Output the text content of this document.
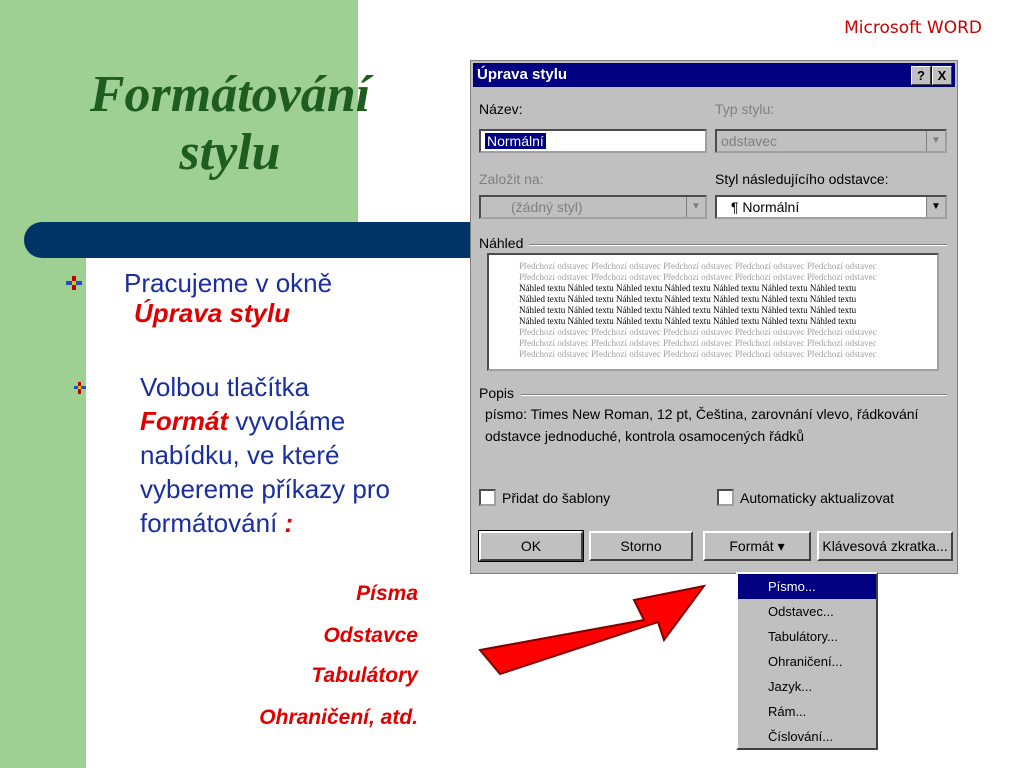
Microsoft WORD
Formátování
stylu
Pracujeme v okně
Úprava stylu
Volbou tlačítka
Formát vyvoláme nabídku, ve které vybereme příkazy pro formátování :
Písma
Odstavce
Tabulátory
Ohraničení, atd.
Úprava stylu	? X
Název:
Normální
Typ stylu:
odstavec	▼
Založit na:
(žádný styl)	▼
Styl následujícího odstavce:
¶ Normální	▼
Náhled
Předchozí odstavec Předchozí odstavec Předchozí odstavec Předchozí odstavec Předchozí odstavec
Předchozí odstavec Předchozí odstavec Předchozí odstavec Předchozí odstavec Předchozí odstavec
Náhled textu Náhled textu Náhled textu Náhled textu Náhled textu Náhled textu Náhled textu
Náhled textu Náhled textu Náhled textu Náhled textu Náhled textu Náhled textu Náhled textu
Náhled textu Náhled textu Náhled textu Náhled textu Náhled textu Náhled textu Náhled textu
Náhled textu Náhled textu Náhled textu Náhled textu Náhled textu Náhled textu Náhled textu
Předchozí odstavec Předchozí odstavec Předchozí odstavec Předchozí odstavec Předchozí odstavec
Předchozí odstavec Předchozí odstavec Předchozí odstavec Předchozí odstavec Předchozí odstavec
Předchozí odstavec Předchozí odstavec Předchozí odstavec Předchozí odstavec Předchozí odstavec
Popis
písmo: Times New Roman, 12 pt, Čeština, zarovnání vlevo, řádkování odstavce jednoduché, kontrola osamocených řádků
Přidat do šablony	Automaticky aktualizovat
OK	Storno	Formát ▾	Klávesová zkratka...
Písmo...
Odstavec...
Tabulátory...
Ohraničení...
Jazyk...
Rám...
Číslování...
